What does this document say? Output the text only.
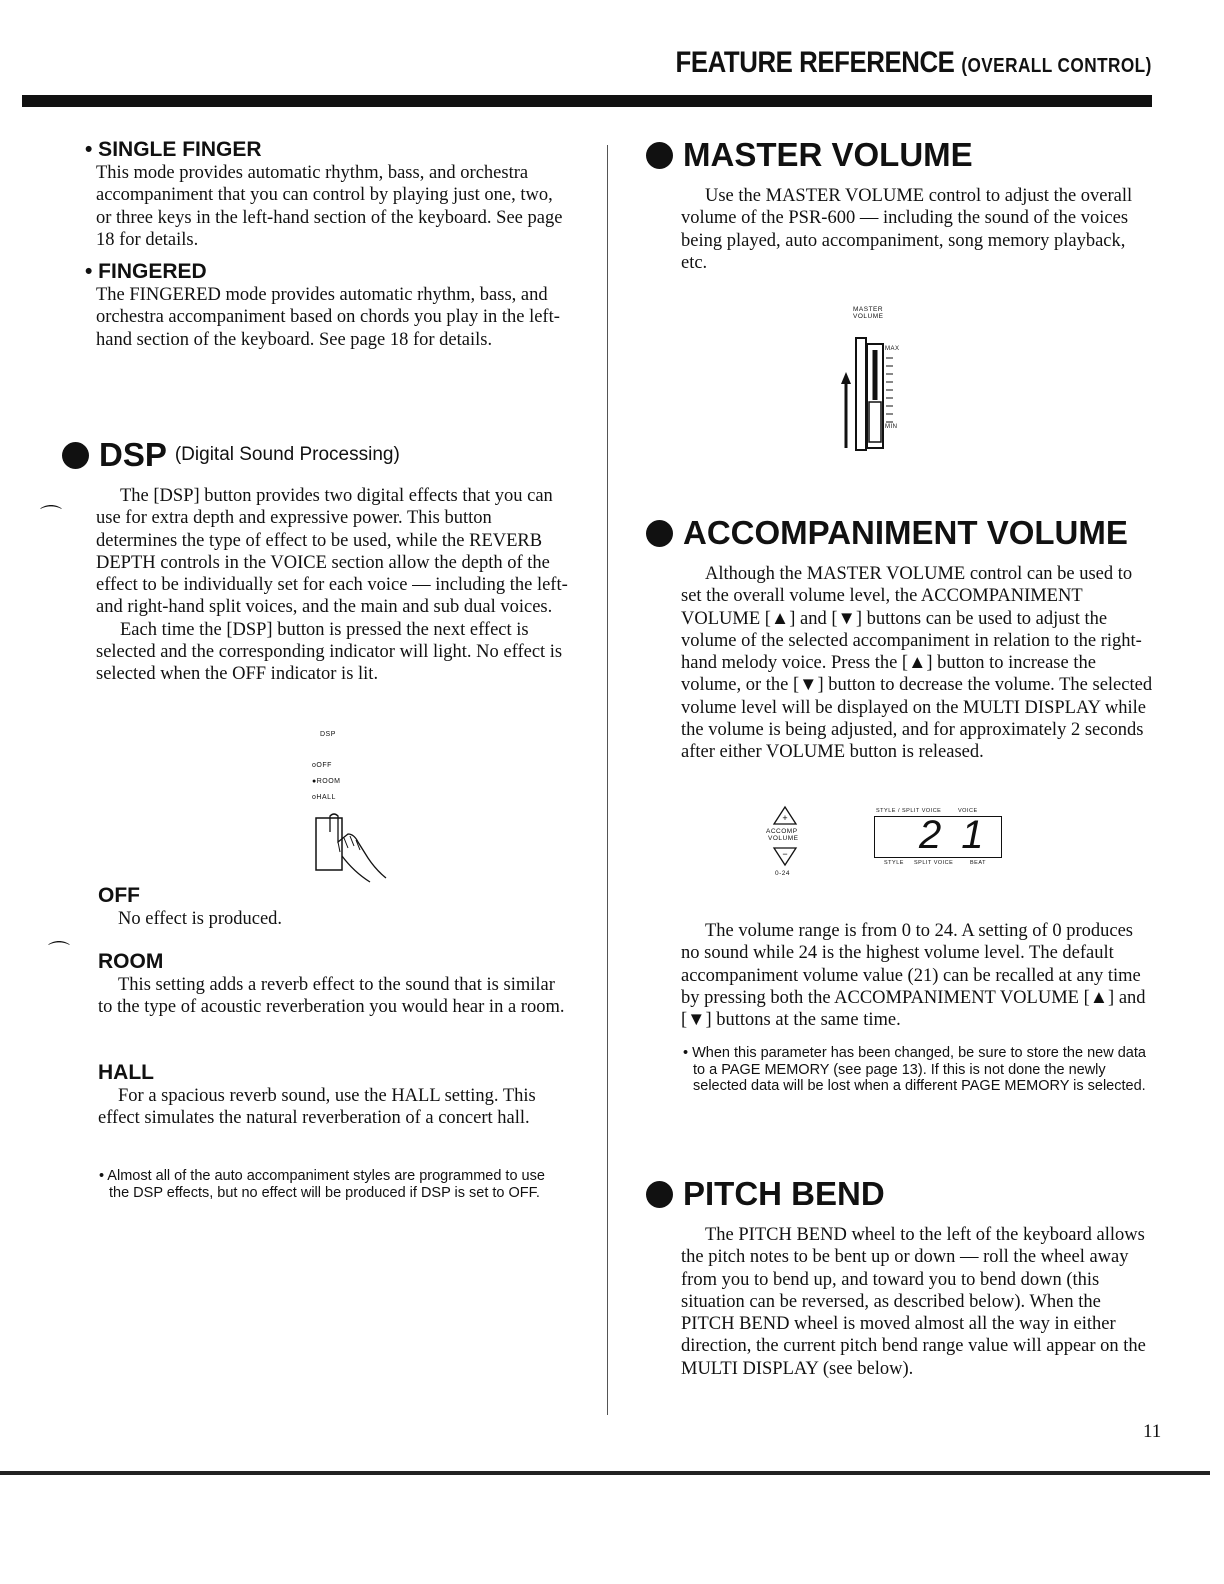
FEATURE REFERENCE (OVERALL CONTROL)
⌒
⌒

• SINGLE FINGER

This mode provides automatic rhythm, bass, and orchestra accompaniment that you can control by playing just one, two, or three keys in the left-hand section of the keyboard. See page 18 for details.

• FINGERED

The FINGERED mode provides automatic rhythm, bass, and orchestra accompaniment based on chords you play in the left-hand section of the keyboard. See page 18 for details.

DSP (Digital Sound Processing)

The [DSP] button provides two digital effects that you can use for extra depth and expressive power. This button determines the type of effect to be used, while the REVERB DEPTH controls in the VOICE section allow the depth of the effect to be individually set for each voice — including the left- and right-hand split voices, and the main and sub dual voices.

Each time the [DSP] button is pressed the next effect is selected and the corresponding indicator will light. No effect is selected when the OFF indicator is lit.

DSP
oOFF
●ROOM
oHALL

OFF

No effect is produced.

ROOM

This setting adds a reverb effect to the sound that is similar to the type of acoustic reverberation you would hear in a room.

HALL

For a spacious reverb sound, use the HALL setting. This effect simulates the natural reverberation of a concert hall.

• Almost all of the auto accompaniment styles are programmed to use the DSP effects, but no effect will be produced if DSP is set to OFF.

MASTER VOLUME

Use the MASTER VOLUME control to adjust the overall volume of the PSR-600 — including the sound of the voices being played, auto accompaniment, song memory playback, etc.

MASTER
VOLUME
MAX
MIN

ACCOMPANIMENT VOLUME

Although the MASTER VOLUME control can be used to set the overall volume level, the ACCOMPANIMENT VOLUME [▲] and [▼] buttons can be used to adjust the volume of the selected accompaniment in relation to the right-hand melody voice. Press the [▲] button to increase the volume, or the [▼] button to decrease the volume. The selected volume level will be displayed on the MULTI DISPLAY while the volume is being adjusted, and for approximately 2 seconds after either VOLUME button is released.

+
−
ACCOMP
VOLUME
0-24
STYLE / SPLIT VOICE	VOICE
21
STYLE SPLIT VOICE	BEAT

The volume range is from 0 to 24. A setting of 0 produces no sound while 24 is the highest volume level. The default accompaniment volume value (21) can be recalled at any time by pressing both the ACCOMPANIMENT VOLUME [▲] and [▼] buttons at the same time.

• When this parameter has been changed, be sure to store the new data to a PAGE MEMORY (see page 13). If this is not done the newly selected data will be lost when a different PAGE MEMORY is selected.

PITCH BEND

The PITCH BEND wheel to the left of the keyboard allows the pitch notes to be bent up or down — roll the wheel away from you to bend up, and toward you to bend down (this situation can be reversed, as described below). When the PITCH BEND wheel is moved almost all the way in either direction, the current pitch bend range value will appear on the MULTI DISPLAY (see below).

11
